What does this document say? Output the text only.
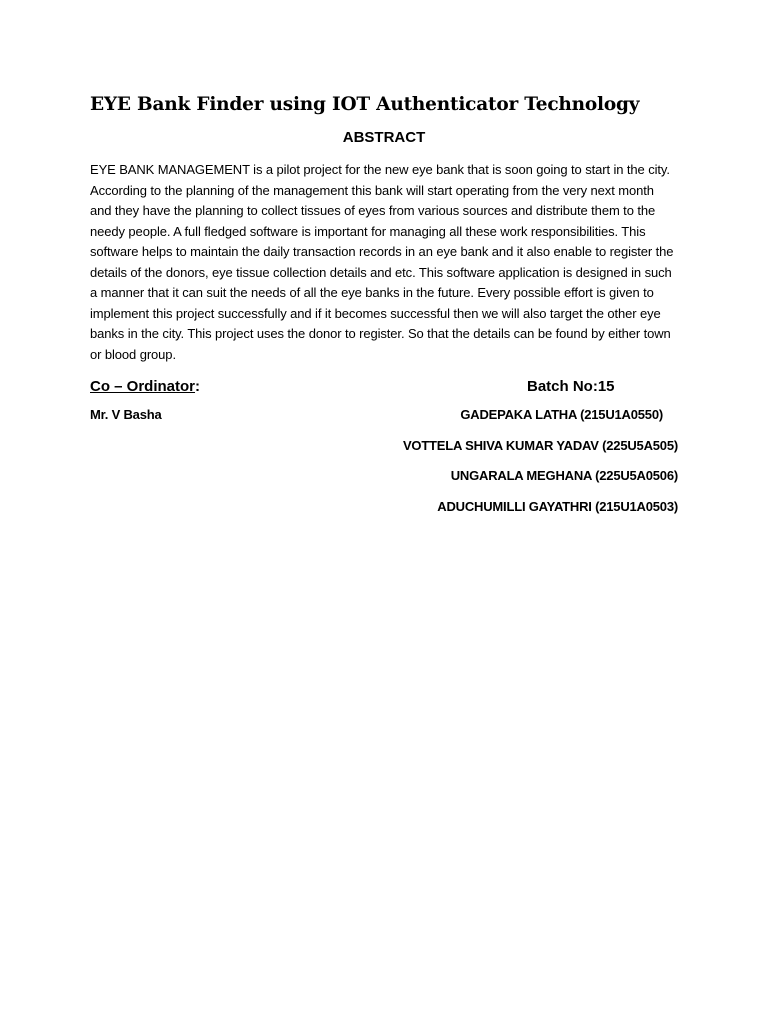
EYE Bank Finder using IOT Authenticator Technology
ABSTRACT

EYE BANK MANAGEMENT is a pilot project for the new eye bank that is soon going to start in the city. According to the planning of the management this bank will start operating from the very next month and they have the planning to collect tissues of eyes from various sources and distribute them to the needy people. A full fledged software is important for managing all these work responsibilities. This software helps to maintain the daily transaction records in an eye bank and it also enable to register the details of the donors, eye tissue collection details and etc. This software application is designed in such a manner that it can suit the needs of all the eye banks in the future. Every possible effort is given to implement this project successfully and if it becomes successful then we will also target the other eye banks in the city. This project uses the donor to register. So that the details can be found by either town or blood group.

Co – Ordinator:	Batch No:15
Mr. V Basha	GADEPAKA LATHA (215U1A0550)
VOTTELA SHIVA KUMAR YADAV (225U5A505)
UNGARALA MEGHANA (225U5A0506)
ADUCHUMILLI GAYATHRI (215U1A0503)
